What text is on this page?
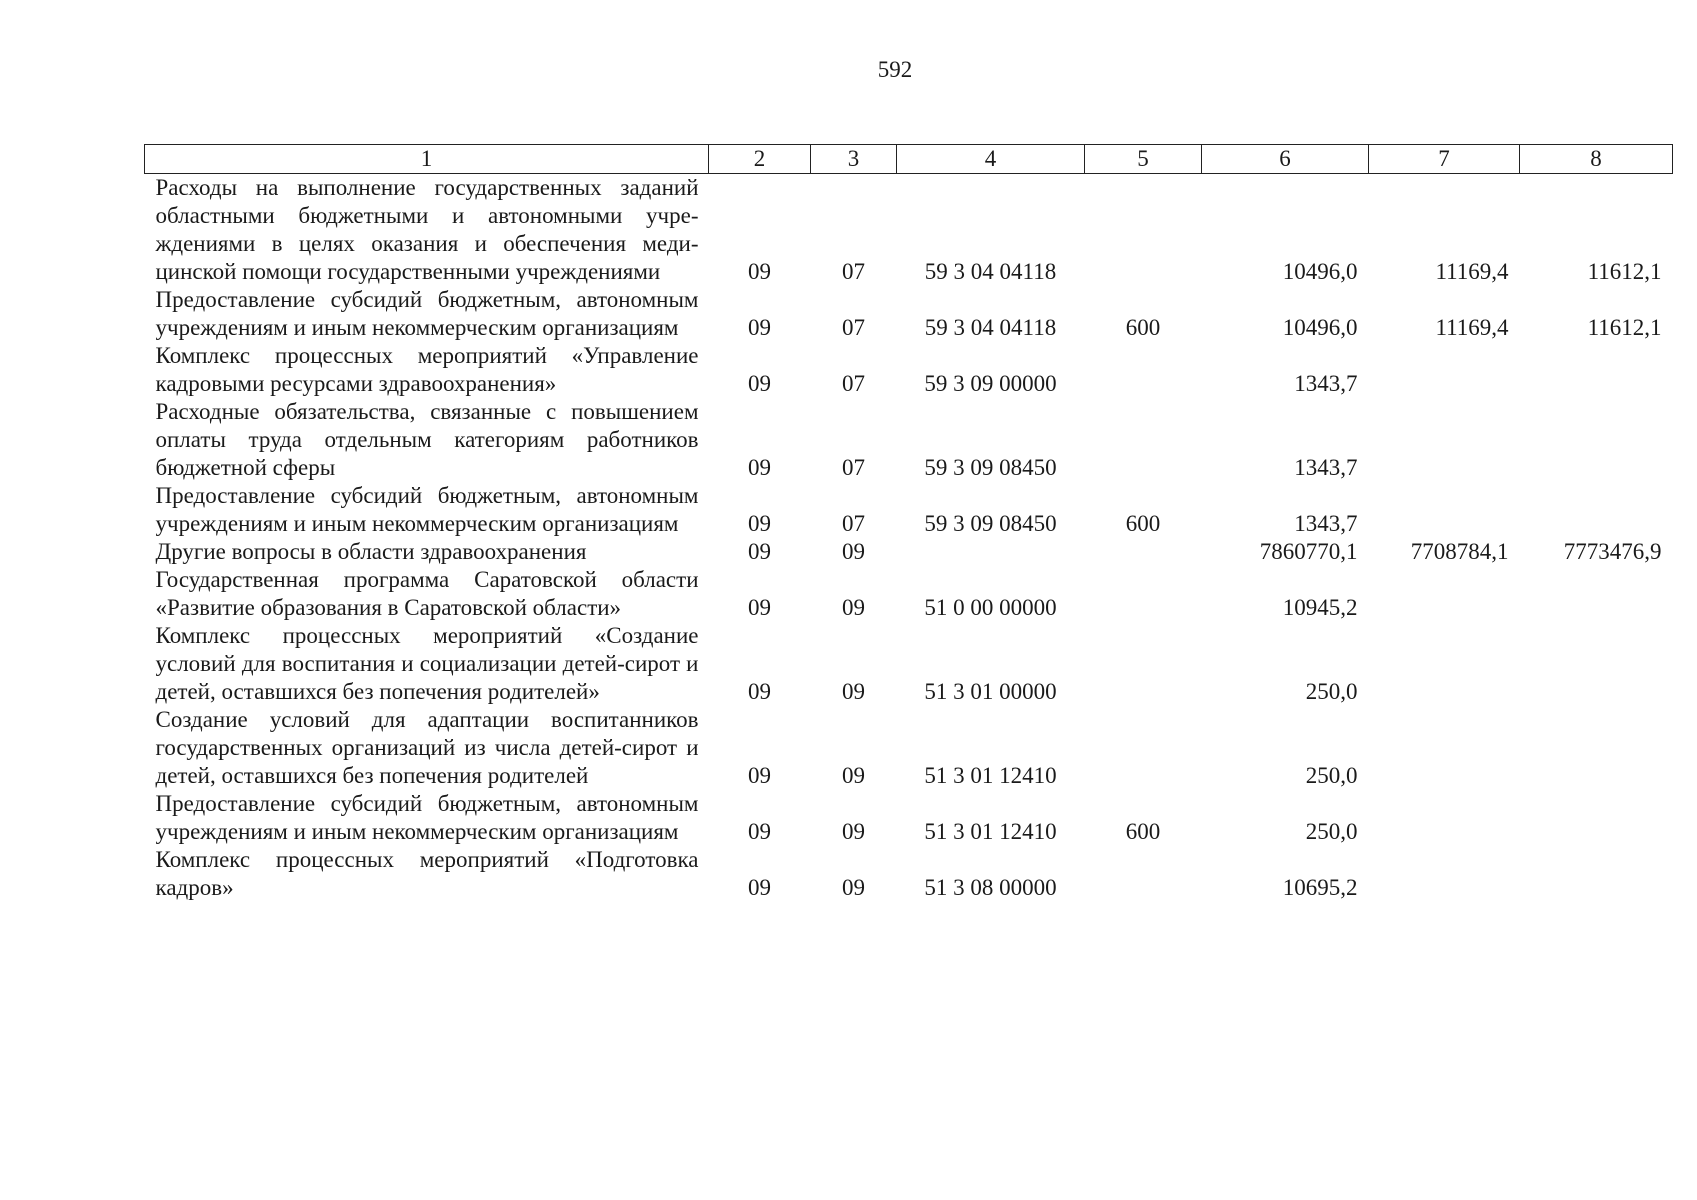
592
1	2	3	4	5	6	7	8
Расходы на выполнение государственных заданий областными бюджетными и автономными учреждениями в целях оказания и обеспечения медицинской помощи государственными учреждениями	09	07	59 3 04 04118		10496,0	11169,4	11612,1
Предоставление субсидий бюджетным, автономным учреждениям и иным некоммерческим организациям	09	07	59 3 04 04118	600	10496,0	11169,4	11612,1
Комплекс процессных мероприятий «Управление кадровыми ресурсами здравоохранения»	09	07	59 3 09 00000		1343,7		
Расходные обязательства, связанные с повышением оплаты труда отдельным категориям работников бюджетной сферы	09	07	59 3 09 08450		1343,7		
Предоставление субсидий бюджетным, автономным учреждениям и иным некоммерческим организациям	09	07	59 3 09 08450	600	1343,7		
Другие вопросы в области здравоохранения	09	09			7860770,1	7708784,1	7773476,9
Государственная программа Саратовской области «Развитие образования в Саратовской области»	09	09	51 0 00 00000		10945,2		
Комплекс процессных мероприятий «Создание условий для воспитания и социализации детей-сирот и детей, оставшихся без попечения родителей»	09	09	51 3 01 00000		250,0		
Создание условий для адаптации воспитанников государственных организаций из числа детей-сирот и детей, оставшихся без попечения родителей	09	09	51 3 01 12410		250,0		
Предоставление субсидий бюджетным, автономным учреждениям и иным некоммерческим организациям	09	09	51 3 01 12410	600	250,0		
Комплекс процессных мероприятий «Подготовка кадров»	09	09	51 3 08 00000		10695,2		
